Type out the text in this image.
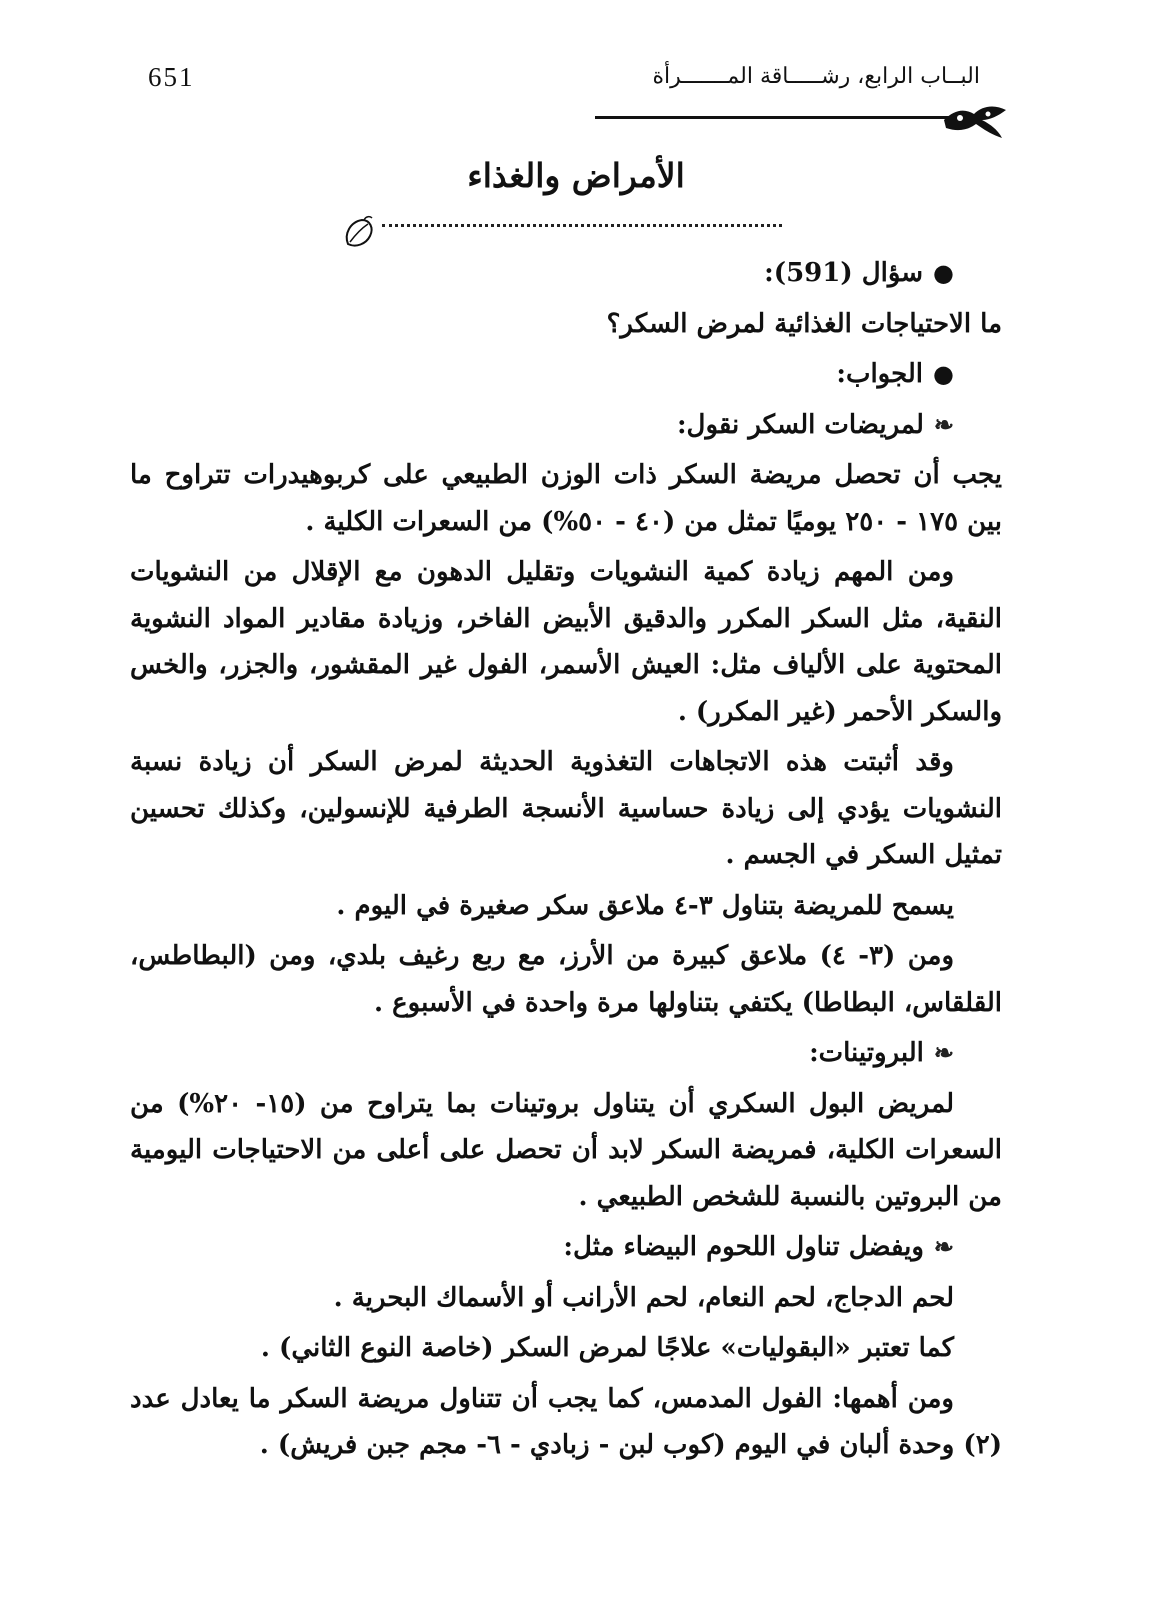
651	البــاب الرابع، رشـــــاقة المـــــــرأة
الأمراض والغذاء

●سؤال (591):

ما الاحتياجات الغذائية لمرض السكر؟

●الجواب:

❧لمريضات السكر نقول:

يجب أن تحصل مريضة السكر ذات الوزن الطبيعي على كربوهيدرات تتراوح ما بين ١٧٥ - ٢٥٠ يوميًا تمثل من (٤٠ - ٥٠%) من السعرات الكلية .

ومن المهم زيادة كمية النشويات وتقليل الدهون مع الإقلال من النشويات النقية، مثل السكر المكرر والدقيق الأبيض الفاخر، وزيادة مقادير المواد النشوية المحتوية على الألياف مثل: العيش الأسمر، الفول غير المقشور، والجزر، والخس والسكر الأحمر (غير المكرر) .

وقد أثبتت هذه الاتجاهات التغذوية الحديثة لمرض السكر أن زيادة نسبة النشويات يؤدي إلى زيادة حساسية الأنسجة الطرفية للإنسولين، وكذلك تحسين تمثيل السكر في الجسم .

يسمح للمريضة بتناول ٣-٤ ملاعق سكر صغيرة في اليوم .

ومن (٣- ٤) ملاعق كبيرة من الأرز، مع ربع رغيف بلدي، ومن (البطاطس، القلقاس، البطاطا) يكتفي بتناولها مرة واحدة في الأسبوع .

❧البروتينات:

لمريض البول السكري أن يتناول بروتينات بما يتراوح من (١٥- ٢٠%) من السعرات الكلية، فمريضة السكر لابد أن تحصل على أعلى من الاحتياجات اليومية من البروتين بالنسبة للشخص الطبيعي .

❧ويفضل تناول اللحوم البيضاء مثل:

لحم الدجاج، لحم النعام، لحم الأرانب أو الأسماك البحرية .

كما تعتبر «البقوليات» علاجًا لمرض السكر (خاصة النوع الثاني) .

ومن أهمها: الفول المدمس، كما يجب أن تتناول مريضة السكر ما يعادل عدد (٢) وحدة ألبان في اليوم (كوب لبن - زبادي - ٦- مجم جبن فريش) .
